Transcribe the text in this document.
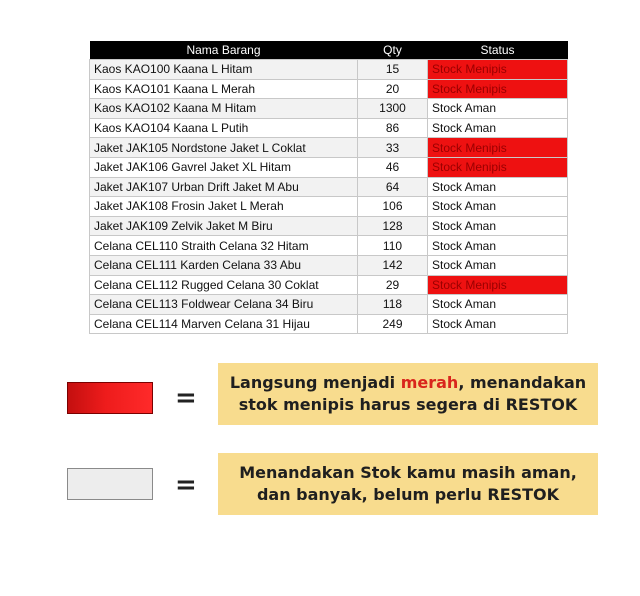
Nama Barang	Qty	Status
Kaos KAO100 Kaana L Hitam	15	Stock Menipis
Kaos KAO101 Kaana L Merah	20	Stock Menipis
Kaos KAO102 Kaana M Hitam	1300	Stock Aman
Kaos KAO104 Kaana L Putih	86	Stock Aman
Jaket JAK105 Nordstone Jaket L Coklat	33	Stock Menipis
Jaket JAK106 Gavrel Jaket XL Hitam	46	Stock Menipis
Jaket JAK107 Urban Drift Jaket M Abu	64	Stock Aman
Jaket JAK108 Frosin Jaket L Merah	106	Stock Aman
Jaket JAK109 Zelvik Jaket M Biru	128	Stock Aman
Celana CEL110 Straith Celana 32 Hitam	110	Stock Aman
Celana CEL111 Karden Celana 33 Abu	142	Stock Aman
Celana CEL112 Rugged Celana 30 Coklat	29	Stock Menipis
Celana CEL113 Foldwear Celana 34 Biru	118	Stock Aman
Celana CEL114 Marven Celana 31 Hijau	249	Stock Aman
=
Langsung menjadi merah, menandakan
stok menipis harus segera di RESTOK
=	Menandakan Stok kamu masih aman,
dan banyak, belum perlu RESTOK
